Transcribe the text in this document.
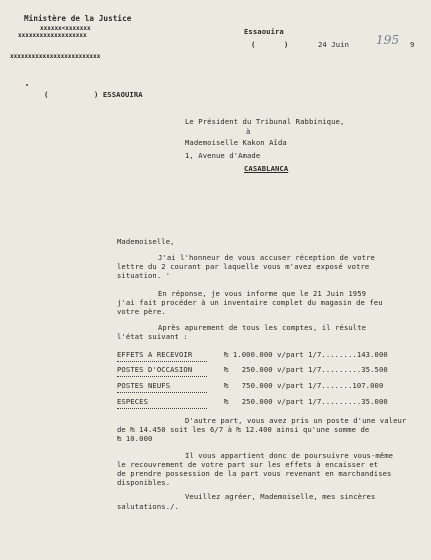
Ministère de la Justice
xxxxxx<xxxxxxx
xxxxxxxxxxxxxxxxxxx
xxxxxxxxxxxxxxxxxxxxxxxxx
Essaouira
(	)	24 Juin 195 9
(	) ESSAOUIRA
Le Président du Tribunal Rabbinique,
à
Mademoiselle Kakon Aîda
1, Avenue d'Amade
CASABLANCA
Mademoiselle,
J'ai l'honneur de vous accuser réception de votre
lettre du 2 courant par laquelle vous m'avez exposé votre
situation. '
En réponse, je vous informe que le 21 Juin 1959
j'ai fait procéder à un inventaire complet du magasin de feu
votre père.
Après apurement de tous les comptes, il résulte
l'état suivant :
EFFETS A RECEVOIR	₧ 1.000.000 v/part 1/7........143.000
POSTES D'OCCASION	₧   250.000 v/part 1/7.........35.500
POSTES NEUFS	₧   750.000 v/part 1/7.......107.000
ESPECES	₧   250.000 v/part 1/7.........35.000
D'autre part, vous avez pris un poste d'une valeur
de ₧ 14.450 soit les 6/7 à ₧ 12.400 ainsi qu'une somme de
₧ 10.000
Il vous appartient donc de poursuivre vous-même
le recouvrement de votre part sur les effets à encaisser et
de prendre possession de la part vous revenant en marchandises
disponibles.
Veuillez agréer, Mademoiselle, mes sincères
salutations./.
